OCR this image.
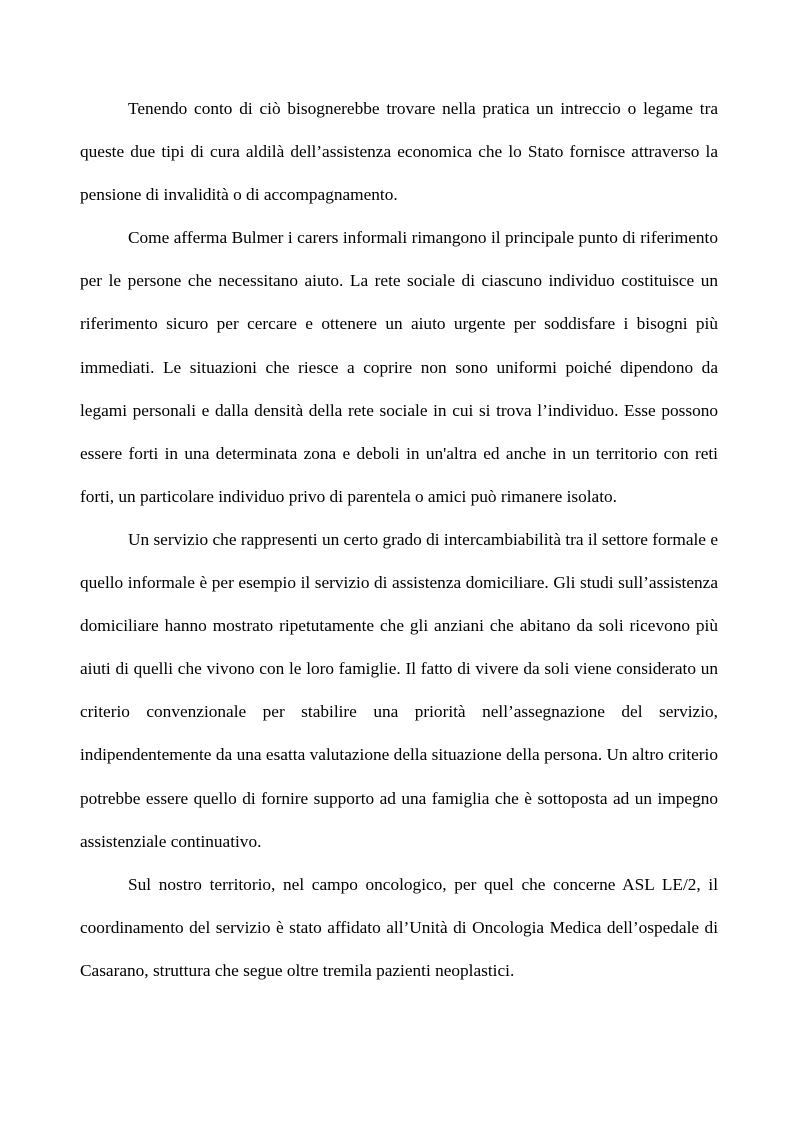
Tenendo conto di ciò bisognerebbe trovare nella pratica un intreccio o legame tra queste due tipi di cura aldilà dell’assistenza economica che lo Stato fornisce attraverso la pensione di invalidità o di accompagnamento.

Come afferma Bulmer i carers informali rimangono il principale punto di riferimento per le persone che necessitano aiuto. La rete sociale di ciascuno individuo costituisce un riferimento sicuro per cercare e ottenere un aiuto urgente per soddisfare i bisogni più immediati. Le situazioni che riesce a coprire non sono uniformi poiché dipendono da legami personali e dalla densità della rete sociale in cui si trova l’individuo. Esse possono essere forti in una determinata zona e deboli in un'altra ed anche in un territorio con reti forti, un particolare individuo privo di parentela o amici può rimanere isolato.

Un servizio che rappresenti un certo grado di intercambiabilità tra il settore formale e quello informale è per esempio il servizio di assistenza domiciliare. Gli studi sull’assistenza domiciliare hanno mostrato ripetutamente che gli anziani che abitano da soli ricevono più aiuti di quelli che vivono con le loro famiglie. Il fatto di vivere da soli viene considerato un criterio convenzionale per stabilire una priorità nell’assegnazione del servizio, indipendentemente da una esatta valutazione della situazione della persona. Un altro criterio potrebbe essere quello di fornire supporto ad una famiglia che è sottoposta ad un impegno assistenziale continuativo.

Sul nostro territorio, nel campo oncologico, per quel che concerne ASL LE/2, il coordinamento del servizio è stato affidato all’Unità di Oncologia Medica dell’ospedale di Casarano, struttura che segue oltre tremila pazienti neoplastici.
